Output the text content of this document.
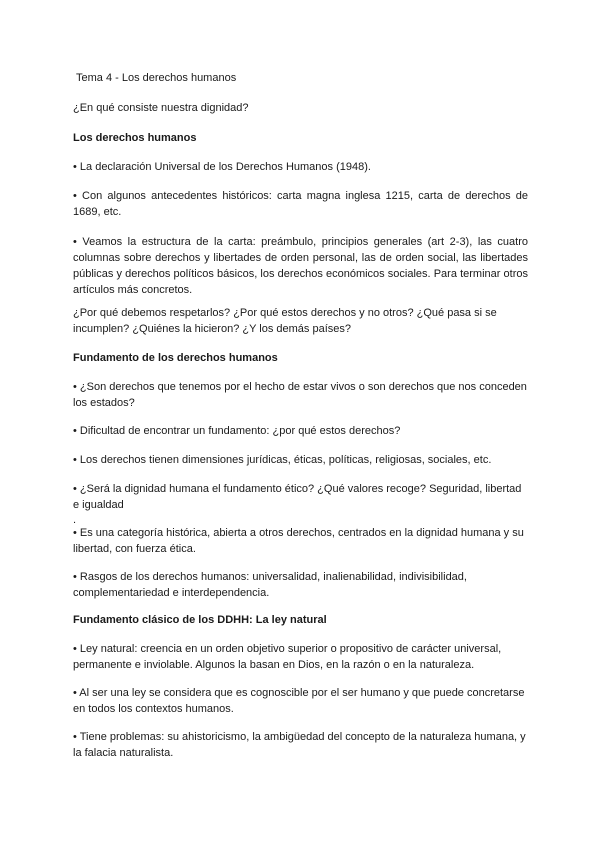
Tema 4 - Los derechos humanos

¿En qué consiste nuestra dignidad?

Los derechos humanos

• La declaración Universal de los Derechos Humanos (1948).

• Con algunos antecedentes históricos: carta magna inglesa 1215, carta de derechos de 1689, etc.

• Veamos la estructura de la carta: preámbulo, principios generales (art 2-3), las cuatro columnas sobre derechos y libertades de orden personal, las de orden social, las libertades públicas y derechos políticos básicos, los derechos económicos sociales. Para terminar otros artículos más concretos.

¿Por qué debemos respetarlos? ¿Por qué estos derechos y no otros? ¿Qué pasa si se incumplen? ¿Quiénes la hicieron? ¿Y los demás países?

Fundamento de los derechos humanos

• ¿Son derechos que tenemos por el hecho de estar vivos o son derechos que nos conceden los estados?

• Dificultad de encontrar un fundamento: ¿por qué estos derechos?

• Los derechos tienen dimensiones jurídicas, éticas, políticas, religiosas, sociales, etc.

• ¿Será la dignidad humana el fundamento ético? ¿Qué valores recoge? Seguridad, libertad e igualdad

.

• Es una categoría histórica, abierta a otros derechos, centrados en la dignidad humana y su libertad, con fuerza ética.

• Rasgos de los derechos humanos: universalidad, inalienabilidad, indivisibilidad, complementariedad e interdependencia.

Fundamento clásico de los DDHH: La ley natural

• Ley natural: creencia en un orden objetivo superior o propositivo de carácter universal, permanente e inviolable. Algunos la basan en Dios, en la razón o en la naturaleza.

• Al ser una ley se considera que es cognoscible por el ser humano y que puede concretarse en todos los contextos humanos.

• Tiene problemas: su ahistoricismo, la ambigüedad del concepto de la naturaleza humana, y la falacia naturalista.
